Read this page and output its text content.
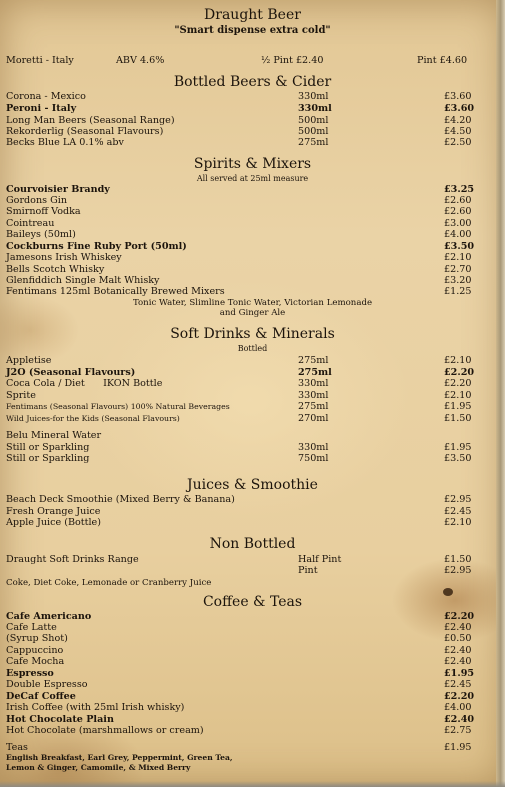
Draught Beer
"Smart dispense extra cold"
Moretti - Italy	ABV 4.6%	½ Pint £2.40	Pint £4.60
Bottled Beers & Cider
Corona - Mexico	330ml	£3.60
Peroni - Italy	330ml	£3.60
Long Man Beers (Seasonal Range)	500ml	£4.20
Rekorderlig (Seasonal Flavours)	500ml	£4.50
Becks Blue LA 0.1% abv	275ml	£2.50
Spirits & Mixers
All served at 25ml measure
Courvoisier Brandy	£3.25
Gordons Gin	£2.60
Smirnoff Vodka	£2.60
Cointreau	£3.00
Baileys (50ml)	£4.00
Cockburns Fine Ruby Port (50ml)	£3.50
Jamesons Irish Whiskey	£2.10
Bells Scotch Whisky	£2.70
Glenfiddich Single Malt Whisky	£3.20
Fentimans 125ml Botanically Brewed Mixers	£1.25
Tonic Water, Slimline Tonic Water, Victorian Lemonade
and Ginger Ale
Soft Drinks & Minerals
Bottled
Appletise	275ml	£2.10
J2O (Seasonal Flavours)	275ml	£2.20
Coca Cola / Diet      IKON Bottle	330ml	£2.20
Sprite	330ml	£2.10
Fentimans (Seasonal Flavours) 100% Natural Beverages	275ml	£1.95
Wild Juices-for the Kids (Seasonal Flavours)	270ml	£1.50
Belu Mineral Water
Still or Sparkling	330ml	£1.95
Still or Sparkling	750ml	£3.50
Juices & Smoothie
Beach Deck Smoothie (Mixed Berry & Banana)	£2.95
Fresh Orange Juice	£2.45
Apple Juice (Bottle)	£2.10
Non Bottled
Draught Soft Drinks Range	Half Pint	£1.50
Pint	£2.95
Coke, Diet Coke, Lemonade or Cranberry Juice
Coffee & Teas
Cafe Americano	£2.20
Cafe Latte	£2.40
(Syrup Shot)	£0.50
Cappuccino	£2.40
Cafe Mocha	£2.40
Espresso	£1.95
Double Espresso	£2.45
DeCaf Coffee	£2.20
Irish Coffee (with 25ml Irish whisky)	£4.00
Hot Chocolate Plain	£2.40
Hot Chocolate (marshmallows or cream)	£2.75
Teas	£1.95
English Breakfast, Earl Grey, Peppermint, Green Tea,
Lemon & Ginger, Camomile, & Mixed Berry
